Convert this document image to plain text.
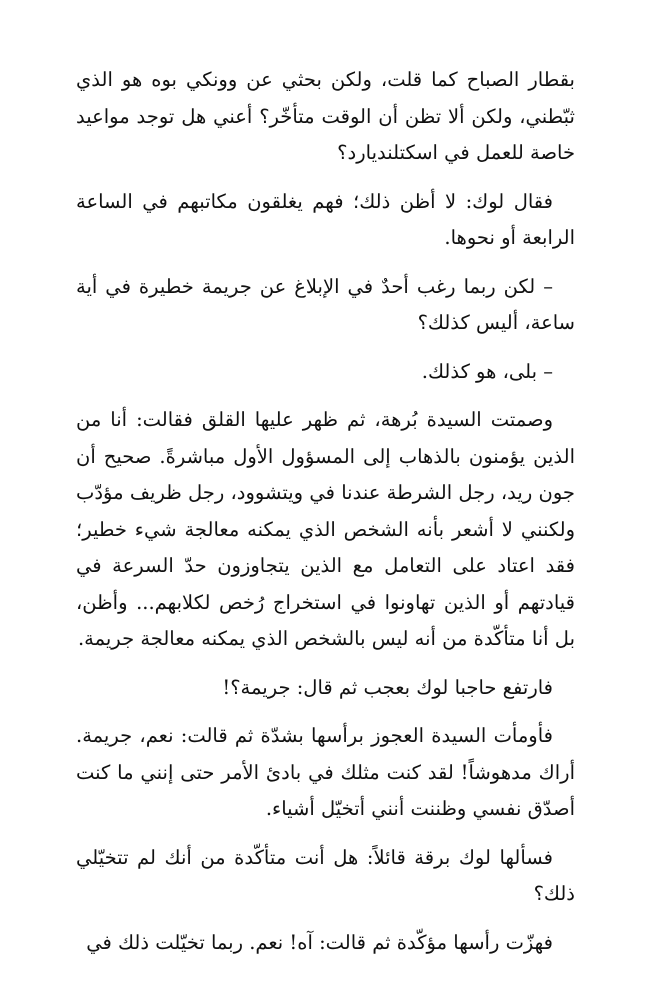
بقطار الصباح كما قلت، ولكن بحثي عن وونكي بوه هو الذي ثبّطني، ولكن ألا تظن أن الوقت متأخّر؟ أعني هل توجد مواعيد خاصة للعمل في اسكتلنديارد؟

فقال لوك: لا أظن ذلك؛ فهم يغلقون مكاتبهم في الساعة الرابعة أو نحوها.

– لكن ربما رغب أحدٌ في الإبلاغ عن جريمة خطيرة في أية ساعة، أليس كذلك؟

– بلى، هو كذلك.

وصمتت السيدة بُرهة، ثم ظهر عليها القلق فقالت: أنا من الذين يؤمنون بالذهاب إلى المسؤول الأول مباشرةً. صحيح أن جون ريد، رجل الشرطة عندنا في ويتشوود، رجل ظريف مؤدّب ولكنني لا أشعر بأنه الشخص الذي يمكنه معالجة شيء خطير؛ فقد اعتاد على التعامل مع الذين يتجاوزون حدّ السرعة في قيادتهم أو الذين تهاونوا في استخراج رُخص لكلابهم... وأظن، بل أنا متأكّدة من أنه ليس بالشخص الذي يمكنه معالجة جريمة.

فارتفع حاجبا لوك بعجب ثم قال: جريمة؟!

فأومأت السيدة العجوز برأسها بشدّة ثم قالت: نعم، جريمة. أراك مدهوشاً! لقد كنت مثلك في بادئ الأمر حتى إنني ما كنت أصدّق نفسي وظننت أنني أتخيّل أشياء.

فسألها لوك برقة قائلاً: هل أنت متأكّدة من أنك لم تتخيّلي ذلك؟

فهزّت رأسها مؤكّدة ثم قالت: آه! نعم. ربما تخيّلت ذلك في
